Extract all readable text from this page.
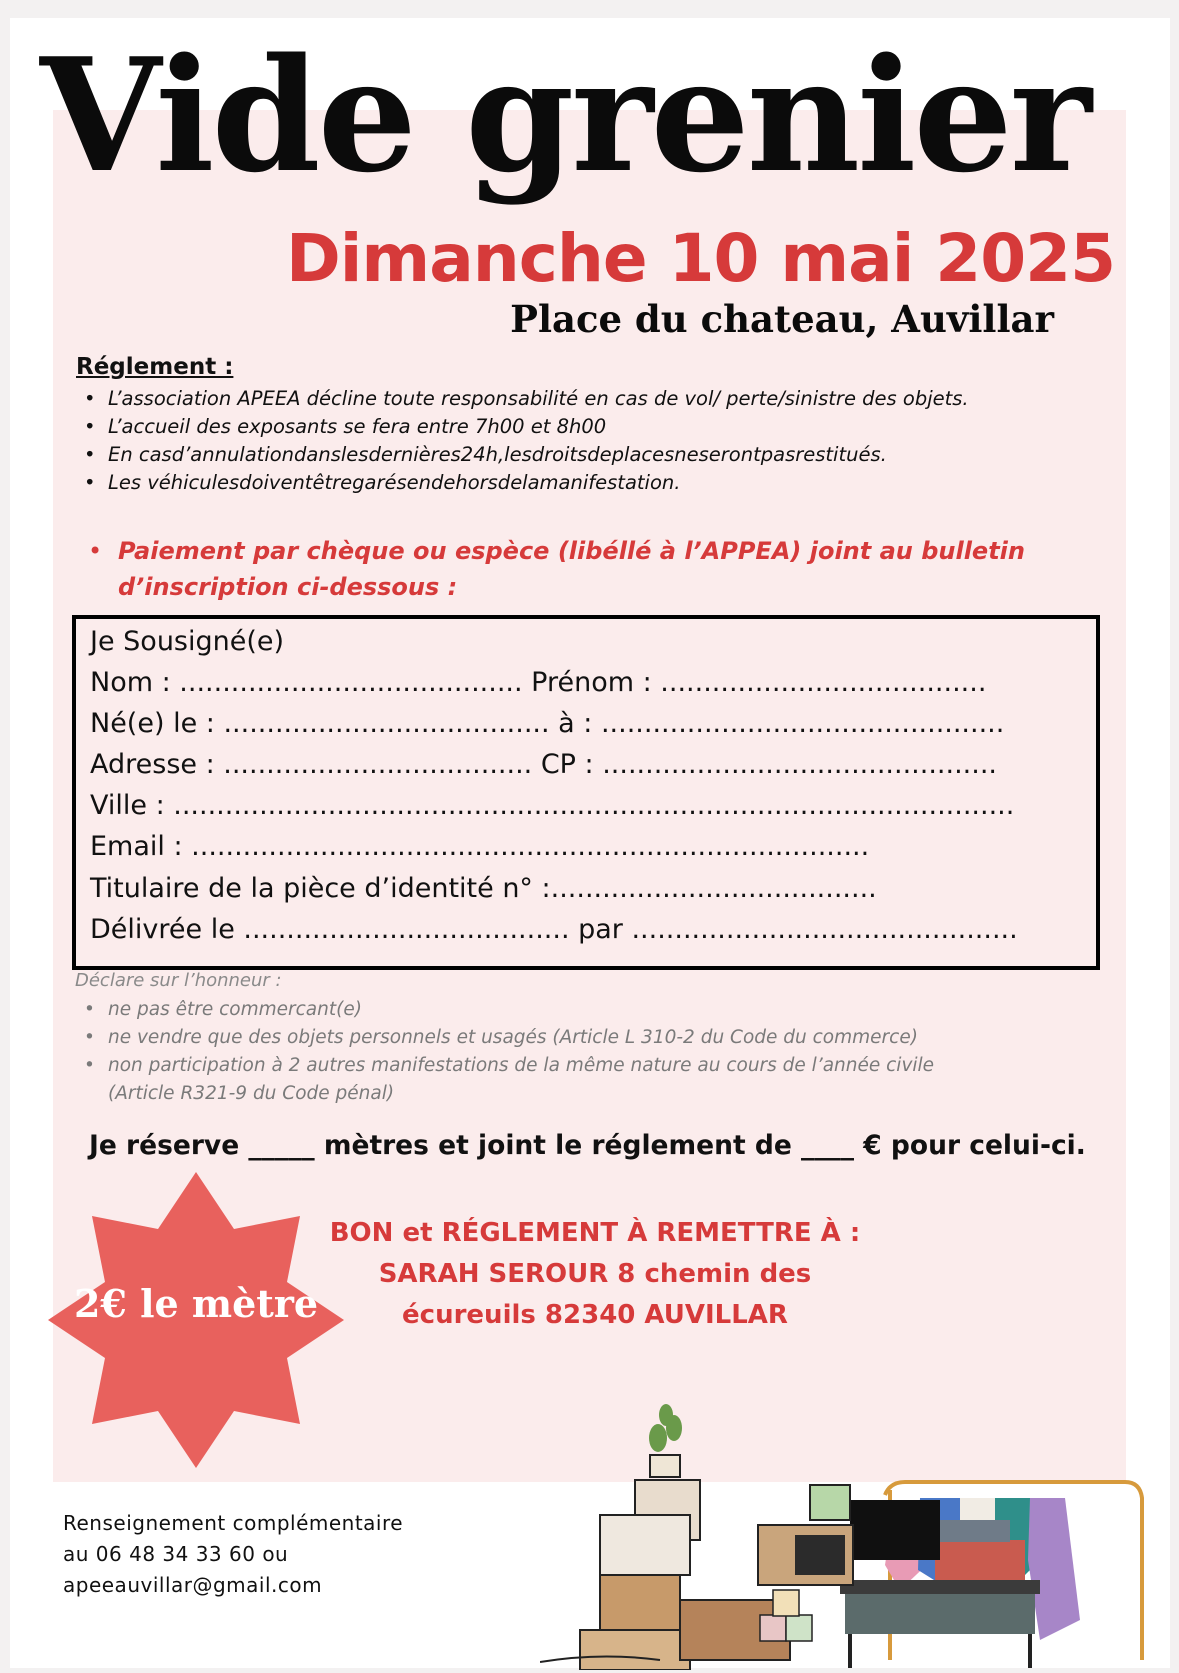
Vide grenier
Dimanche 10 mai 2025
Place du chateau, Auvillar
Réglement :
• L’association APEEA décline toute responsabilité en cas de vol/ perte/sinistre des objets.
• L’accueil des exposants se fera entre 7h00 et 8h00
• En casd’annulationdanslesdernières24h,lesdroitsdeplacesneserontpasrestitués.
• Les véhiculesdoiventêtregarésendehorsdelamanifestation.
• Paiement par chèque ou espèce (libéllé à l’APPEA) joint au bulletin
d’inscription ci-dessous :
Je Sousigné(e)
Nom : ........................................ Prénom : ......................................
Né(e) le : ...................................... à : ...............................................
Adresse : .................................... CP : ..............................................
Ville : ..................................................................................................
Email : ...............................................................................
Titulaire de la pièce d’identité n° :......................................
Délivrée le ...................................... par .............................................
Déclare sur l’honneur :
• ne pas être commercant(e)
• ne vendre que des objets personnels et usagés (Article L 310-2 du Code du commerce)
• non participation à 2 autres manifestations de la même nature au cours de l’année civile
(Article R321-9 du Code pénal)
Je réserve _____ mètres et joint le réglement de ____ € pour celui-ci.
2€ le mètre
BON et RÉGLEMENT À REMETTRE À :
SARAH SEROUR 8 chemin des
écureuils 82340 AUVILLAR
Renseignement complémentaire
au 06 48 34 33 60 ou
apeeauvillar@gmail.com
